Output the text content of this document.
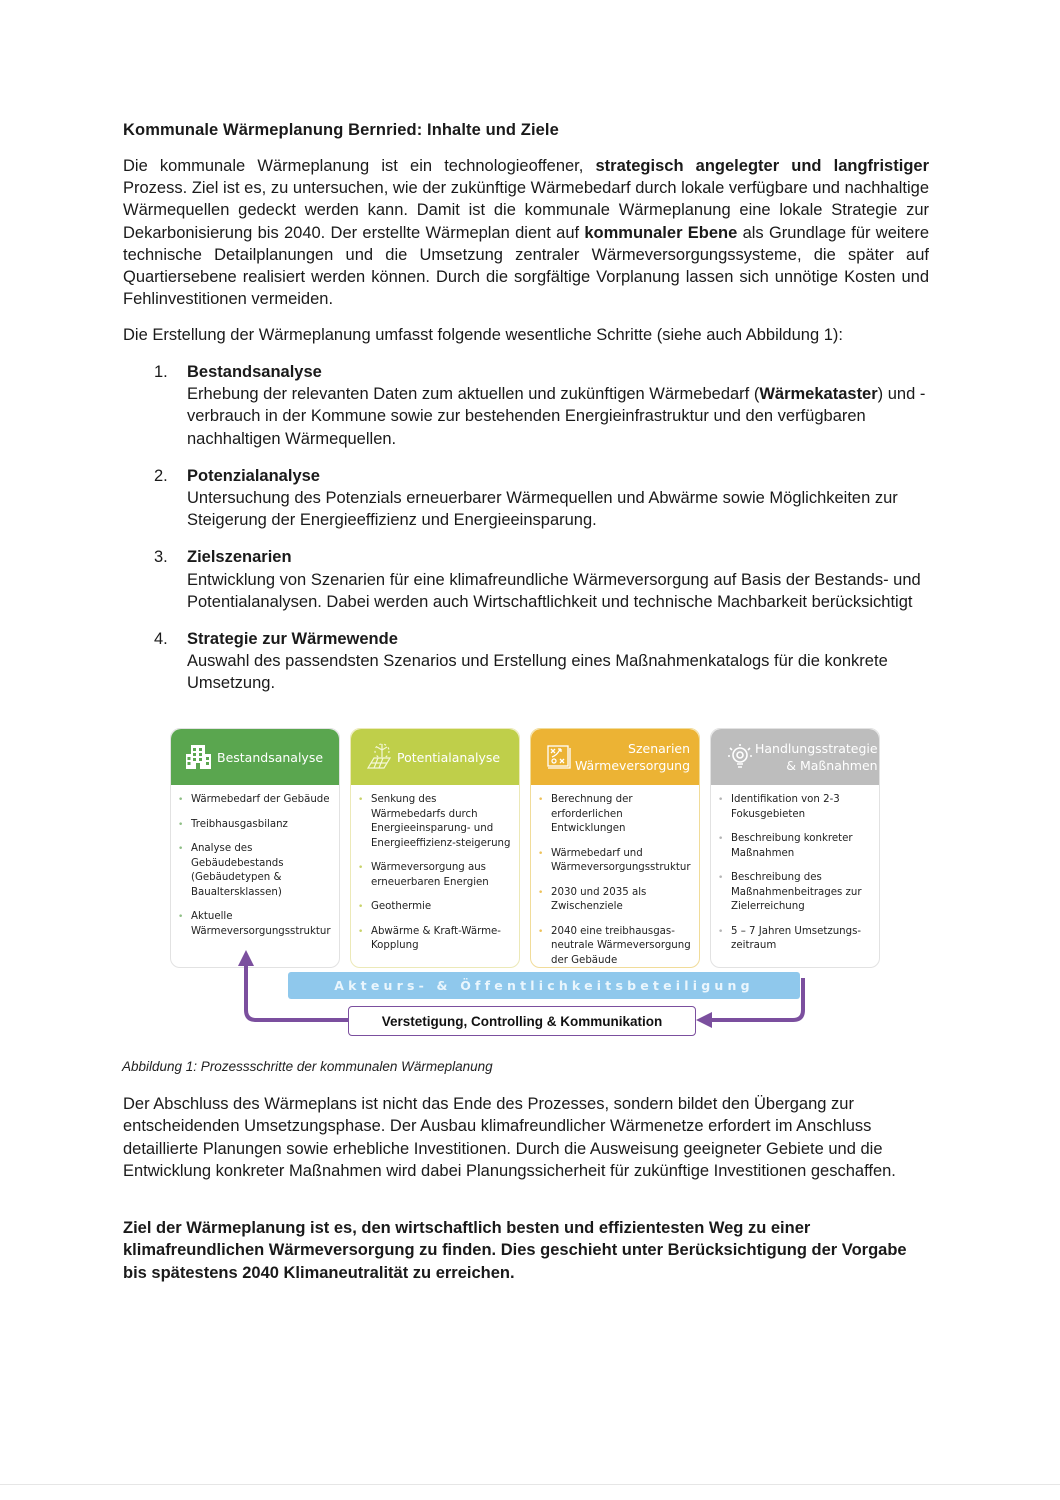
Kommunale Wärmeplanung Bernried: Inhalte und Ziele
Die kommunale Wärmeplanung ist ein technologieoffener, strategisch angelegter und langfristiger Prozess. Ziel ist es, zu untersuchen, wie der zukünftige Wärmebedarf durch lokale verfügbare und nachhaltige Wärmequellen gedeckt werden kann. Damit ist die kommunale Wärmeplanung eine lokale Strategie zur Dekarbonisierung bis 2040. Der erstellte Wärmeplan dient auf kommunaler Ebene als Grundlage für weitere technische Detailplanungen und die Umsetzung zentraler Wärmeversorgungssysteme, die später auf Quartiersebene realisiert werden können. Durch die sorgfältige Vorplanung lassen sich unnötige Kosten und Fehlinvestitionen vermeiden.
Die Erstellung der Wärmeplanung umfasst folgende wesentliche Schritte (siehe auch Abbildung 1):
1. Bestandsanalyse
Erhebung der relevanten Daten zum aktuellen und zukünftigen Wärmebedarf (Wärmekataster) und -verbrauch in der Kommune sowie zur bestehenden Energieinfrastruktur und den verfügbaren nachhaltigen Wärmequellen.
2. Potenzialanalyse
Untersuchung des Potenzials erneuerbarer Wärmequellen und Abwärme sowie Möglichkeiten zur Steigerung der Energieeffizienz und Energieeinsparung.
3. Zielszenarien
Entwicklung von Szenarien für eine klimafreundliche Wärmeversorgung auf Basis der Bestands- und Potentialanalysen. Dabei werden auch Wirtschaftlichkeit und technische Machbarkeit berücksichtigt
4. Strategie zur Wärmewende
Auswahl des passendsten Szenarios und Erstellung eines Maßnahmenkatalogs für die konkrete Umsetzung.
Bestandsanalyse
• Wärmebedarf der Gebäude
• Treibhausgasbilanz
• Analyse des Gebäudebestands (Gebäudetypen & Baualtersklassen)
• Aktuelle Wärmeversorgungsstruktur
Potentialanalyse
• Senkung des Wärmebedarfs durch Energieeinsparung- und Energieeffizienz-steigerung
• Wärmeversorgung aus erneuerbaren Energien
• Geothermie
• Abwärme & Kraft-Wärme-Kopplung
Szenarien
Wärmeversorgung
• Berechnung der erforderlichen Entwicklungen
• Wärmebedarf und Wärmeversorgungsstruktur
• 2030 und 2035 als Zwischenziele
• 2040 eine treibhausgas-neutrale Wärmeversorgung der Gebäude
Handlungsstrategie
& Maßnahmen
• Identifikation von 2-3 Fokusgebieten
• Beschreibung konkreter Maßnahmen
• Beschreibung des Maßnahmenbeitrages zur Zielerreichung
• 5 – 7 Jahren Umsetzungs-zeitraum
Akteurs- & Öffentlichkeitsbeteiligung
Verstetigung, Controlling & Kommunikation
Abbildung 1: Prozessschritte der kommunalen Wärmeplanung
Der Abschluss des Wärmeplans ist nicht das Ende des Prozesses, sondern bildet den Übergang zur entscheidenden Umsetzungsphase. Der Ausbau klimafreundlicher Wärmenetze erfordert im Anschluss detaillierte Planungen sowie erhebliche Investitionen. Durch die Ausweisung geeigneter Gebiete und die Entwicklung konkreter Maßnahmen wird dabei Planungssicherheit für zukünftige Investitionen geschaffen.
Ziel der Wärmeplanung ist es, den wirtschaftlich besten und effizientesten Weg zu einer klimafreundlichen Wärmeversorgung zu finden. Dies geschieht unter Berücksichtigung der Vorgabe bis spätestens 2040 Klimaneutralität zu erreichen.
